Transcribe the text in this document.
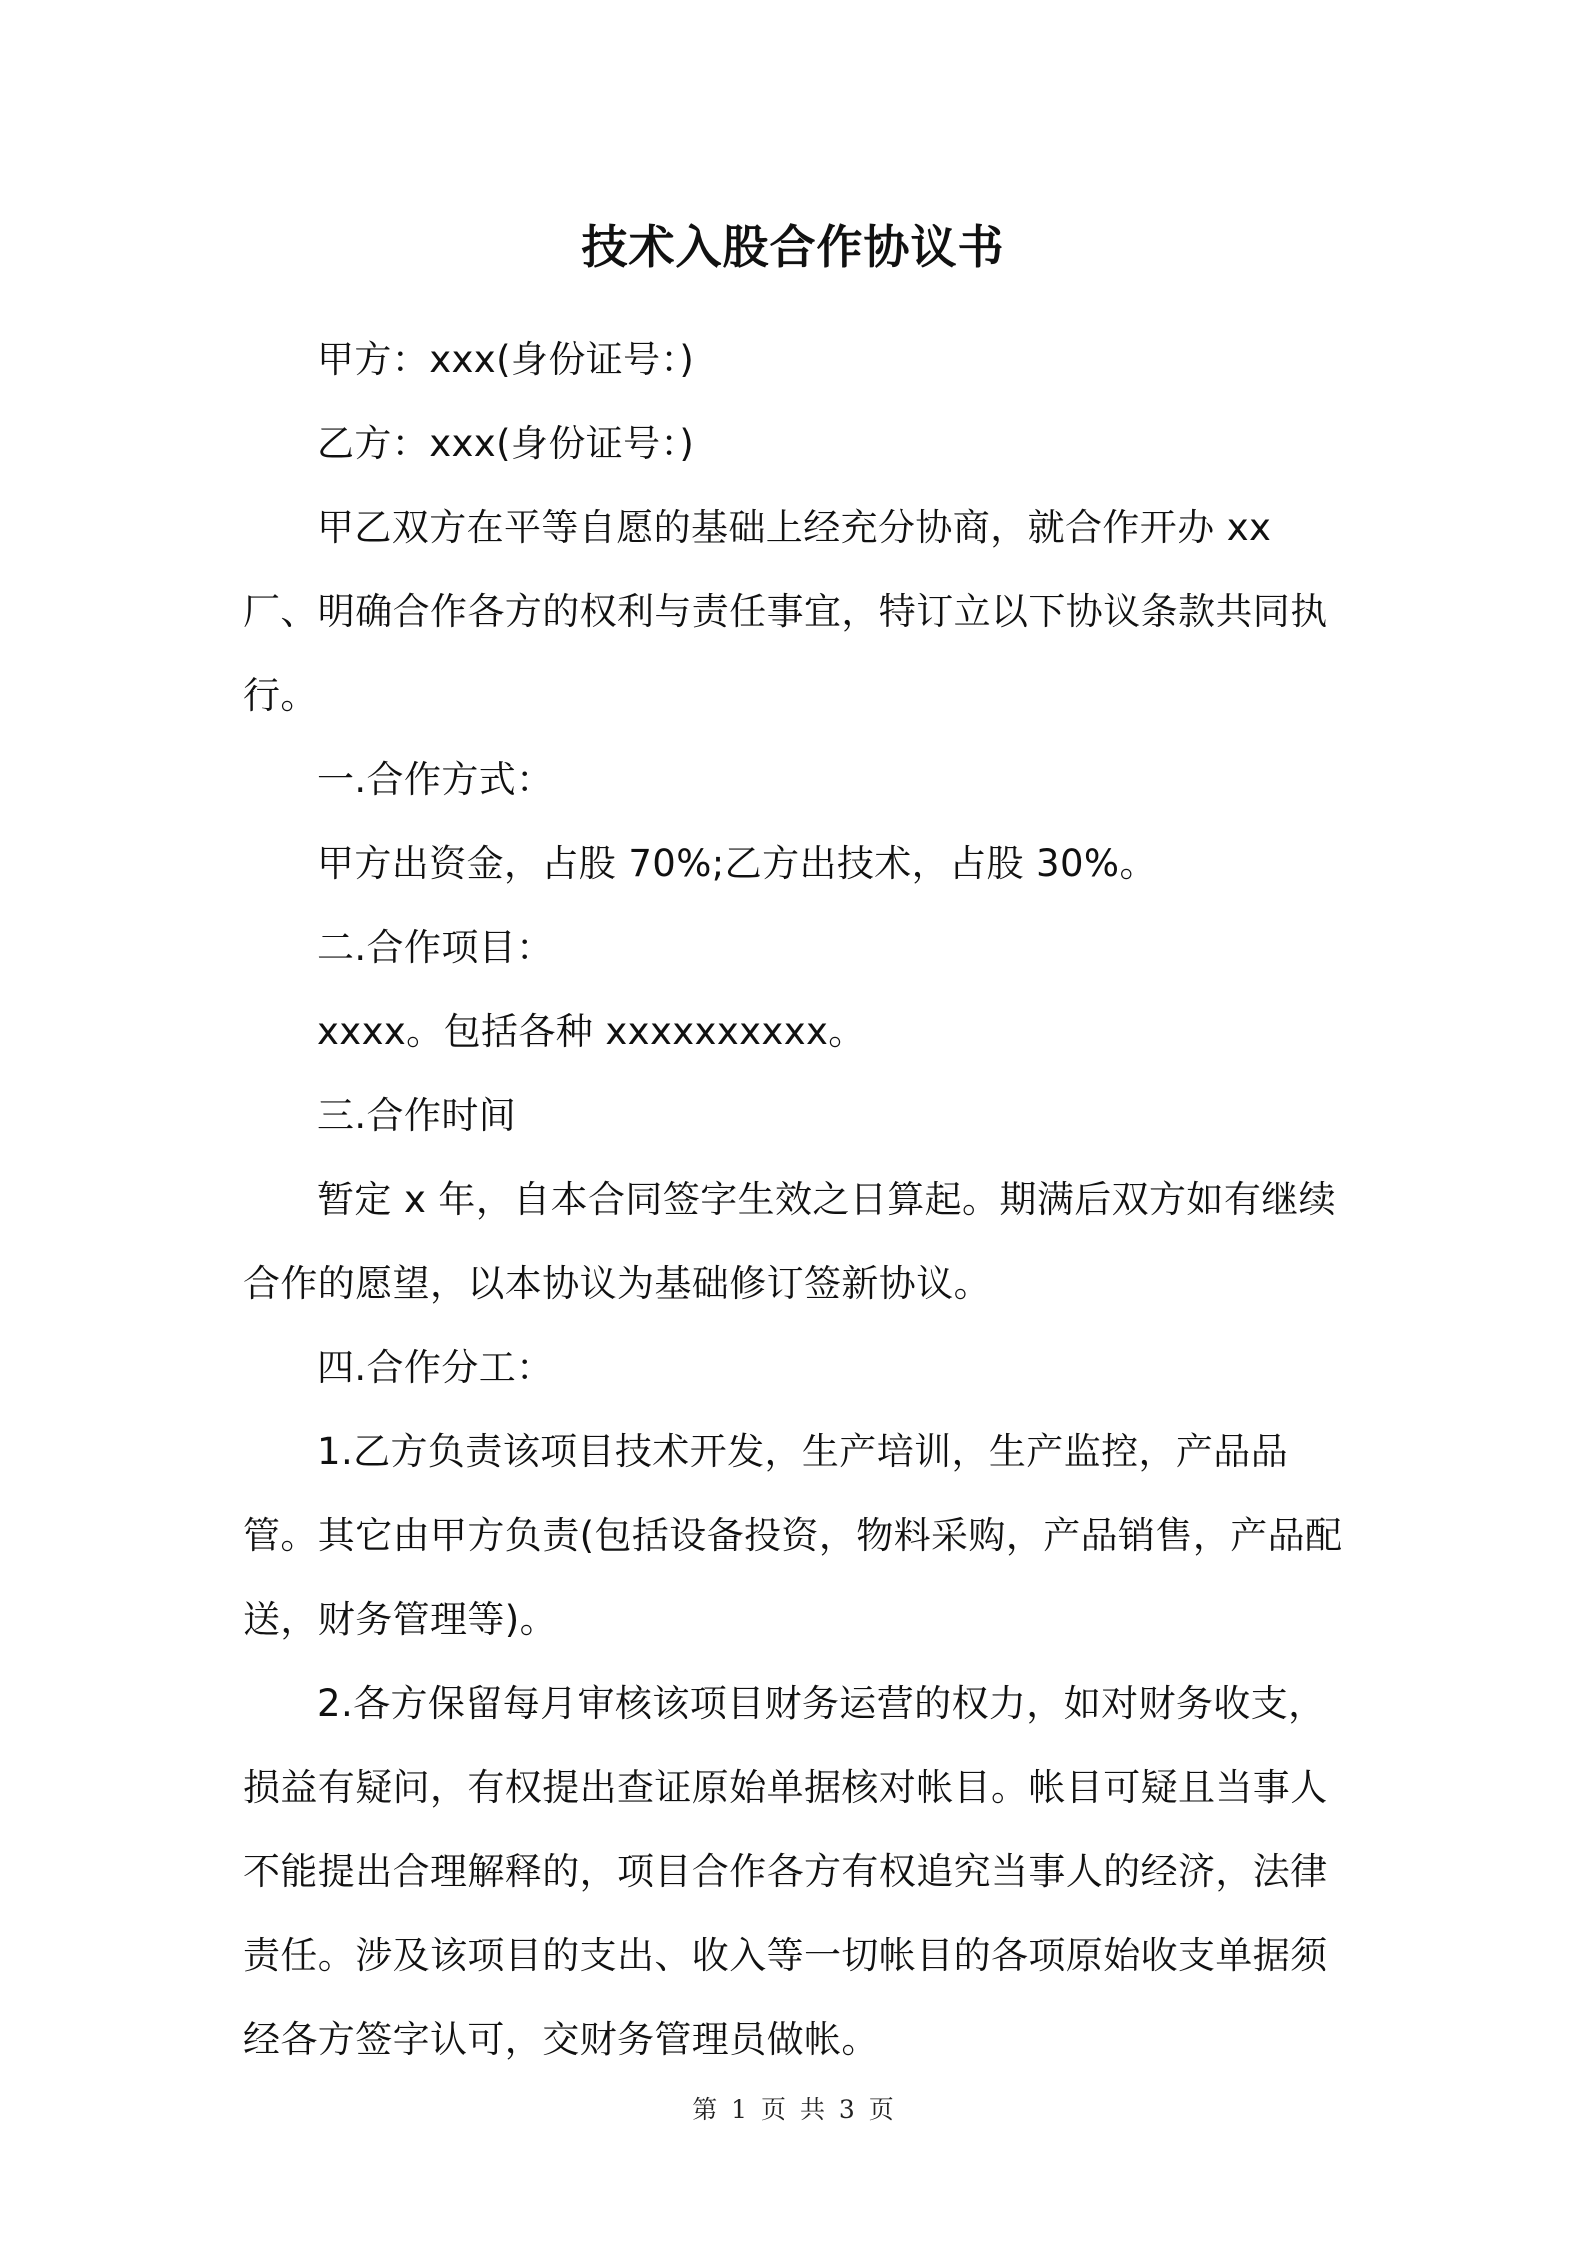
技术入股合作协议书

甲方：xxx(身份证号：)

乙方：xxx(身份证号：)

甲乙双方在平等自愿的基础上经充分协商，就合作开办 xx 厂、明确合作各方的权利与责任事宜，特订立以下协议条款共同执行。

一.合作方式：

甲方出资金，占股 70%;乙方出技术，占股 30%。

二.合作项目：

xxxx。包括各种 xxxxxxxxxx。

三.合作时间

暂定 x 年，自本合同签字生效之日算起。期满后双方如有继续合作的愿望，以本协议为基础修订签新协议。

四.合作分工：

1.乙方负责该项目技术开发，生产培训，生产监控，产品品管。其它由甲方负责(包括设备投资，物料采购，产品销售，产品配送，财务管理等)。

2.各方保留每月审核该项目财务运营的权力，如对财务收支，损益有疑问，有权提出查证原始单据核对帐目。帐目可疑且当事人不能提出合理解释的，项目合作各方有权追究当事人的经济，法律责任。涉及该项目的支出、收入等一切帐目的各项原始收支单据须经各方签字认可，交财务管理员做帐。

第 1 页 共 3 页
